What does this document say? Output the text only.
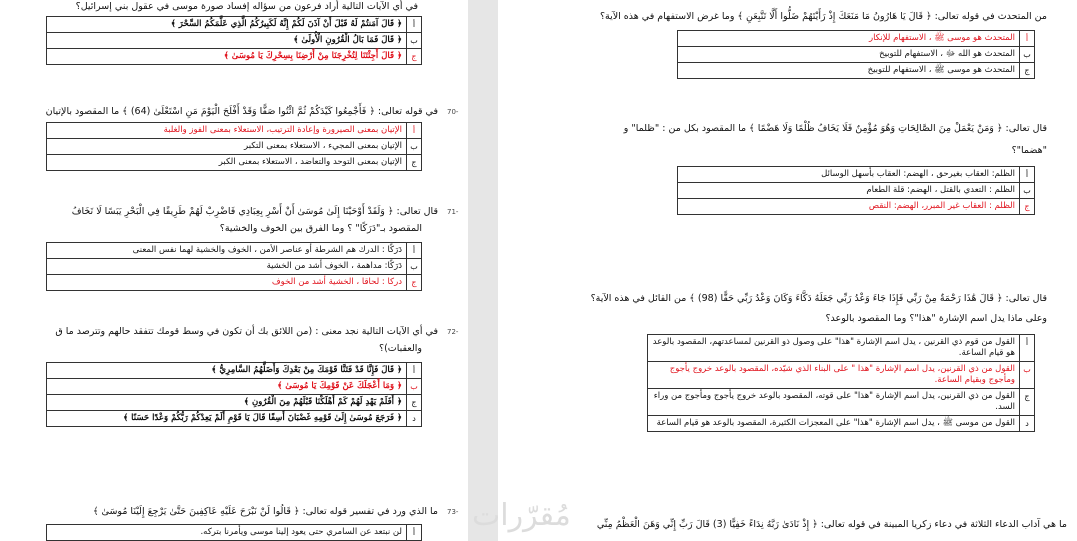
في أي الآيات التالية أراد فرعون من سؤاله إفساد صورة موسى في عقول بني إسرائيل؟
أ	﴿ قَالَ آمَنتُمْ لَهُ قَبْلَ أَنْ آذَنَ لَكُمْ إِنَّهُ لَكَبِيرُكُمُ الَّذِي عَلَّمَكُمُ السِّحْرَ ﴾
ب	﴿ قَالَ فَمَا بَالُ الْقُرُونِ الْأُولَىٰ ﴾
ج	﴿ قَالَ أَجِئْتَنَا لِتُخْرِجَنَا مِنْ أَرْضِنَا بِسِحْرِكَ يَا مُوسَىٰ ﴾
70-
في قوله تعالى: ﴿ فَأَجْمِعُوا كَيْدَكُمْ ثُمَّ ائْتُوا صَفًّا وَقَدْ أَفْلَحَ الْيَوْمَ مَنِ اسْتَعْلَىٰ (64) ﴾ ما المقصود بالإتيان
أ	الإتيان بمعنى الصيرورة وإعادة الترتيب، الاستعلاء بمعنى الفوز والغلبة
ب	الإتيان بمعنى المجيء ، الاستعلاء بمعنى التكبر
ج	الإتيان بمعنى التوحد والتعاضد ، الاستعلاء بمعنى الكبر
71-
قال تعالى: ﴿ وَلَقَدْ أَوْحَيْنَا إِلَىٰ مُوسَىٰ أَنْ أَسْرِ بِعِبَادِي فَاضْرِبْ لَهُمْ طَرِيقًا فِي الْبَحْرِ يَبَسًا لَا تَخَافُ
المقصود بـ"دَرَكًا" ؟ وما الفرق بين الخوف والخشية؟
أ	دَرَكًا : الدرك هم الشرطة أو عناصر الأمن ، الخوف والخشية لهما نفس المعنى
ب	دَرَكًا: مداهمة ، الخوف أشد من الخشية
ج	دركا : لحاقا ، الخشية أشد من الخوف
72-
في أي الآيات التالية نجد معنى : (من اللائق بك أن تكون في وسط قومك تتفقد حالهم وتترصد ما ق
والعقبات)؟
أ	﴿ قَالَ فَإِنَّا قَدْ فَتَنَّا قَوْمَكَ مِنْ بَعْدِكَ وَأَضَلَّهُمُ السَّامِرِيُّ ﴾
ب	﴿ وَمَا أَعْجَلَكَ عَنْ قَوْمِكَ يَا مُوسَىٰ ﴾
ج	﴿ أَفَلَمْ يَهْدِ لَهُمْ كَمْ أَهْلَكْنَا قَبْلَهُمْ مِنَ الْقُرُونِ ﴾
د	﴿ فَرَجَعَ مُوسَىٰ إِلَىٰ قَوْمِهِ غَضْبَانَ أَسِفًا قَالَ يَا قَوْمِ أَلَمْ يَعِدْكُمْ رَبُّكُمْ وَعْدًا حَسَنًا ﴾
73-
ما الذي ورد في تفسير قوله تعالى: ﴿ قَالُوا لَنْ نَبْرَحَ عَلَيْهِ عَاكِفِينَ حَتَّىٰ يَرْجِعَ إِلَيْنَا مُوسَىٰ ﴾
أ	لن نبتعد عن السامري حتى يعود إلينا موسى ويأمرنا بتركه.
من المتحدث في قوله تعالى: ﴿ قَالَ يَا هَارُونُ مَا مَنَعَكَ إِذْ رَأَيْتَهُمْ ضَلُّوا أَلَّا تَتَّبِعَنِ ﴾ وما غرض الاستفهام في هذه الآية؟
أ	المتحدث هو موسى ﷺ ، الاستفهام للإنكار
ب	المتحدث هو الله ﷻ ، الاستفهام للتوبيخ
ج	المتحدث هو موسى ﷺ ، الاستفهام للتوبيخ
قال تعالى: ﴿ وَمَنْ يَعْمَلْ مِنَ الصَّالِحَاتِ وَهُوَ مُؤْمِنٌ فَلَا يَخَافُ ظُلْمًا وَلَا هَضْمًا ﴾ ما المقصود بكل من : "ظلما" و
"هضما"؟
أ	الظلم: العقاب بغيرحق ، الهضم: العقاب بأسهل الوسائل
ب	الظلم : التعدي بالقتل ، الهضم: قلة الطعام
ج	الظلم : العقاب غير المبرر، الهضم: النقص
قال تعالى: ﴿ قَالَ هَٰذَا رَحْمَةٌ مِنْ رَبِّي فَإِذَا جَاءَ وَعْدُ رَبِّي جَعَلَهُ دَكَّاءَ وَكَانَ وَعْدُ رَبِّي حَقًّا (98) ﴾ من القائل في هذه الآية؟
وعلى ماذا يدل اسم الإشارة "هذا"؟ وما المقصود بالوعد؟
أ	القول من قوم ذي القرنين ، يدل اسم الإشارة "هذا" على وصول ذو القرنين لمساعدتهم، المقصود بالوعد هو قيام الساعة.
ب	القول من ذي القرنين، يدل اسم الإشارة "هذا " على البناء الذي شيّده، المقصود بالوعد خروج يأجوج ومأجوج وبقيام الساعة.
ج	القول من ذي القرنين، يدل اسم الإشارة "هذا" على قوته، المقصود بالوعد خروج يأجوج ومأجوج من وراء السد.
د	القول من موسى ﷺ ، يدل اسم الإشارة "هذا" على المعجزات الكثيرة، المقصود بالوعد هو قيام الساعة
ما هي آداب الدعاء الثلاثة في دعاء زكريا المبينة في قوله تعالى: ﴿ إِذْ نَادَىٰ رَبَّهُ نِدَاءً خَفِيًّا (3) قَالَ رَبِّ إِنِّي وَهَنَ الْعَظْمُ مِنِّي
مُقرّرات
